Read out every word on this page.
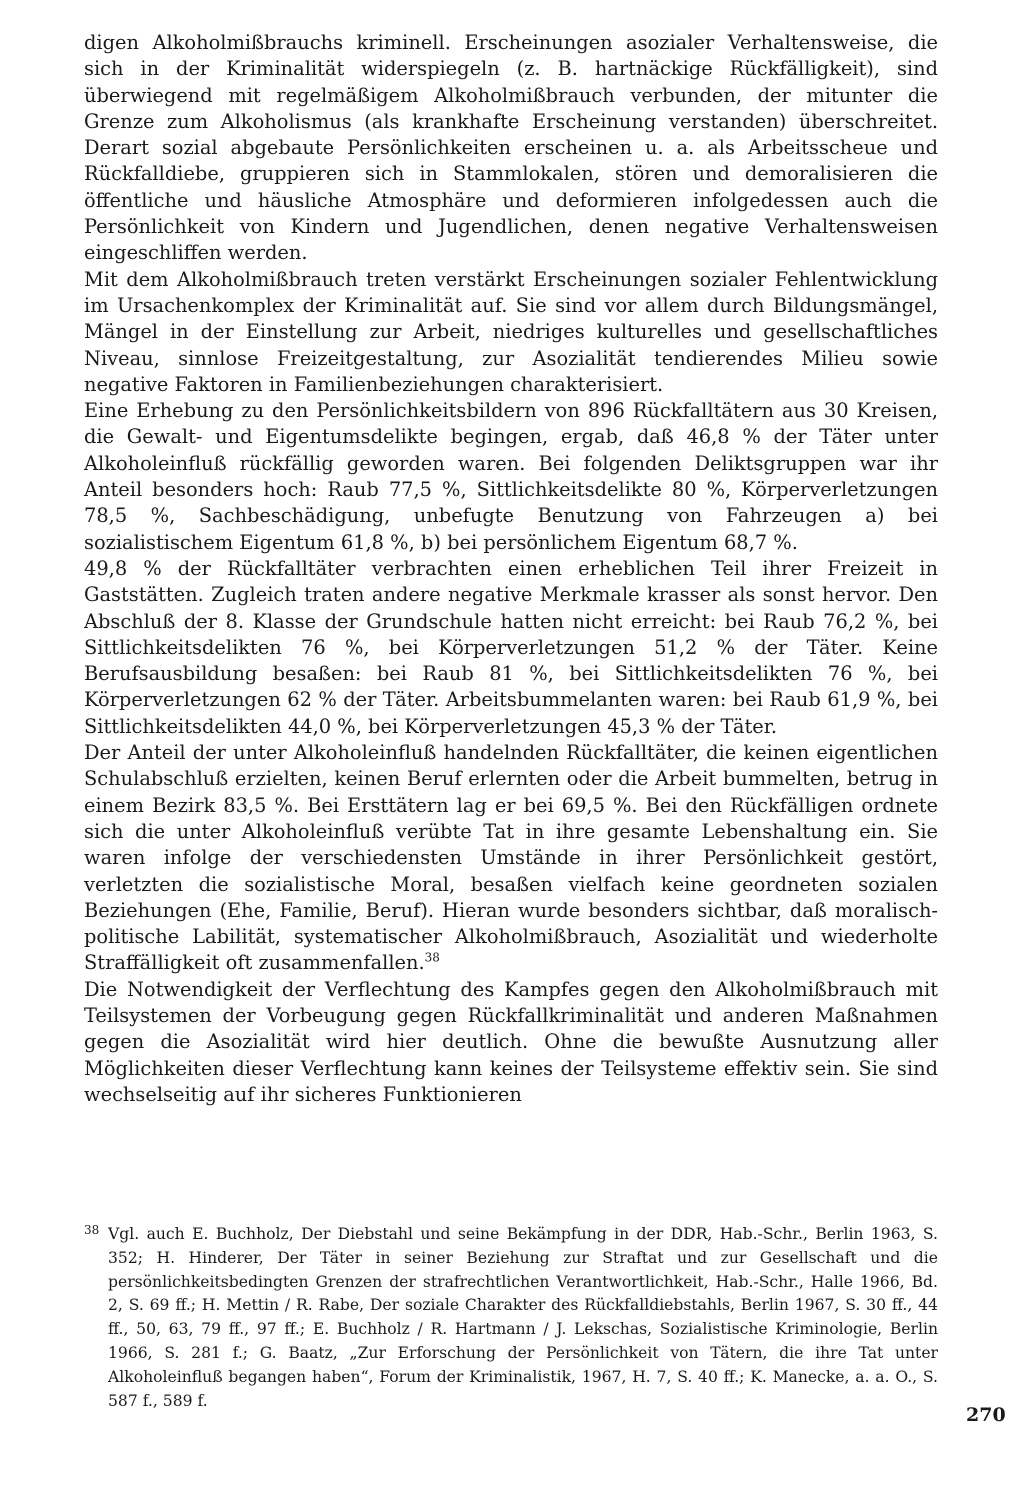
digen Alkoholmißbrauchs kriminell. Erscheinungen asozialer Verhaltensweise, die sich in der Kriminalität widerspiegeln (z. B. hartnäckige Rückfälligkeit), sind überwiegend mit regelmäßigem Alkoholmißbrauch verbunden, der mitunter die Grenze zum Alkoholismus (als krankhafte Erscheinung verstanden) überschreitet. Derart sozial abgebaute Persönlichkeiten erscheinen u. a. als Arbeitsscheue und Rückfalldiebe, gruppieren sich in Stammlokalen, stören und demoralisieren die öffentliche und häusliche Atmosphäre und deformieren infolgedessen auch die Persönlichkeit von Kindern und Jugendlichen, denen negative Verhaltensweisen eingeschliffen werden.

Mit dem Alkoholmißbrauch treten verstärkt Erscheinungen sozialer Fehlentwicklung im Ursachenkomplex der Kriminalität auf. Sie sind vor allem durch Bildungsmängel, Mängel in der Einstellung zur Arbeit, niedriges kulturelles und gesellschaftliches Niveau, sinnlose Freizeitgestaltung, zur Asozialität tendierendes Milieu sowie negative Faktoren in Familienbeziehungen charakterisiert.

Eine Erhebung zu den Persönlichkeitsbildern von 896 Rückfalltätern aus 30 Kreisen, die Gewalt- und Eigentumsdelikte begingen, ergab, daß 46,8 % der Täter unter Alkoholeinfluß rückfällig geworden waren. Bei folgenden Deliktsgruppen war ihr Anteil besonders hoch: Raub 77,5 %, Sittlichkeitsdelikte 80 %, Körperverletzungen 78,5 %, Sachbeschädigung, unbefugte Benutzung von Fahrzeugen a) bei sozialistischem Eigentum 61,8 %, b) bei persönlichem Eigentum 68,7 %.

49,8 % der Rückfalltäter verbrachten einen erheblichen Teil ihrer Freizeit in Gaststätten. Zugleich traten andere negative Merkmale krasser als sonst hervor. Den Abschluß der 8. Klasse der Grundschule hatten nicht erreicht: bei Raub 76,2 %, bei Sittlichkeitsdelikten 76 %, bei Körperverletzungen 51,2 % der Täter. Keine Berufsausbildung besaßen: bei Raub 81 %, bei Sittlichkeitsdelikten 76 %, bei Körperverletzungen 62 % der Täter. Arbeitsbummelanten waren: bei Raub 61,9 %, bei Sittlichkeitsdelikten 44,0 %, bei Körperverletzungen 45,3 % der Täter.

Der Anteil der unter Alkoholeinfluß handelnden Rückfalltäter, die keinen eigentlichen Schulabschluß erzielten, keinen Beruf erlernten oder die Arbeit bummelten, betrug in einem Bezirk 83,5 %. Bei Ersttätern lag er bei 69,5 %. Bei den Rückfälligen ordnete sich die unter Alkoholeinfluß verübte Tat in ihre gesamte Lebenshaltung ein. Sie waren infolge der verschiedensten Umstände in ihrer Persönlichkeit gestört, verletzten die sozialistische Moral, besaßen vielfach keine geordneten sozialen Beziehungen (Ehe, Familie, Beruf). Hieran wurde besonders sichtbar, daß moralisch-politische Labilität, systematischer Alkoholmißbrauch, Asozialität und wiederholte Straffälligkeit oft zusammenfallen.$^{38}$

Die Notwendigkeit der Verflechtung des Kampfes gegen den Alkoholmißbrauch mit Teilsystemen der Vorbeugung gegen Rückfallkriminalität und anderen Maßnahmen gegen die Asozialität wird hier deutlich. Ohne die bewußte Ausnutzung aller Möglichkeiten dieser Verflechtung kann keines der Teilsysteme effektiv sein. Sie sind wechselseitig auf ihr sicheres Funktionieren

38 Vgl. auch E. Buchholz, Der Diebstahl und seine Bekämpfung in der DDR, Hab.-Schr., Berlin 1963, S. 352; H. Hinderer, Der Täter in seiner Beziehung zur Straftat und zur Gesellschaft und die persönlichkeitsbedingten Grenzen der strafrechtlichen Verantwortlichkeit, Hab.-Schr., Halle 1966, Bd. 2, S. 69 ff.; H. Mettin / R. Rabe, Der soziale Charakter des Rückfalldiebstahls, Berlin 1967, S. 30 ff., 44 ff., 50, 63, 79 ff., 97 ff.; E. Buchholz / R. Hartmann / J. Lekschas, Sozialistische Kriminologie, Berlin 1966, S. 281 f.; G. Baatz, „Zur Erforschung der Persönlichkeit von Tätern, die ihre Tat unter Alkoholeinfluß begangen haben“, Forum der Kriminalistik, 1967, H. 7, S. 40 ff.; K. Manecke, a. a. O., S. 587 f., 589 f.
270
